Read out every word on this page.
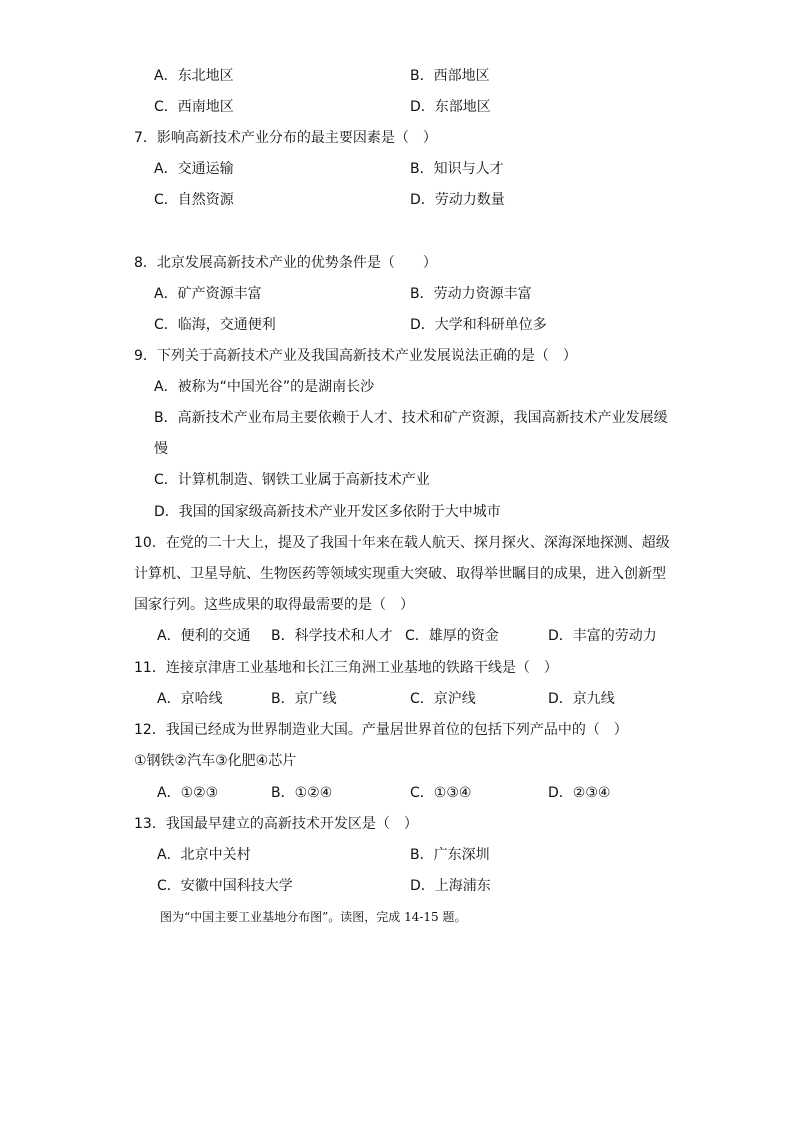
A．东北地区	B．西部地区
C．西南地区	D．东部地区
7．影响高新技术产业分布的最主要因素是（　）
A．交通运输	B．知识与人才
C．自然资源	D．劳动力数量
8．北京发展高新技术产业的优势条件是（　　）
A．矿产资源丰富	B．劳动力资源丰富
C．临海，交通便利	D．大学和科研单位多
9．下列关于高新技术产业及我国高新技术产业发展说法正确的是（　）
A．被称为“中国光谷”的是湖南长沙
B．高新技术产业布局主要依赖于人才、技术和矿产资源，我国高新技术产业发展缓
慢
C．计算机制造、钢铁工业属于高新技术产业
D．我国的国家级高新技术产业开发区多依附于大中城市
10．在党的二十大上，提及了我国十年来在载人航天、探月探火、深海深地探测、超级
计算机、卫星导航、生物医药等领域实现重大突破、取得举世瞩目的成果，进入创新型
国家行列。这些成果的取得最需要的是（　）
A．便利的交通 B．科学技术和人才 C．雄厚的资金	D．丰富的劳动力
11．连接京津唐工业基地和长江三角洲工业基地的铁路干线是（　）
A．京哈线	B．京广线	C．京沪线	D．京九线
12．我国已经成为世界制造业大国。产量居世界首位的包括下列产品中的（　）
①钢铁②汽车③化肥④芯片
A．①②③	B．①②④	C．①③④	D．②③④
13．我国最早建立的高新技术开发区是（　）
A．北京中关村	B．广东深圳
C．安徽中国科技大学	D．上海浦东
图为“中国主要工业基地分布图”。读图，完成 14-15 题。
